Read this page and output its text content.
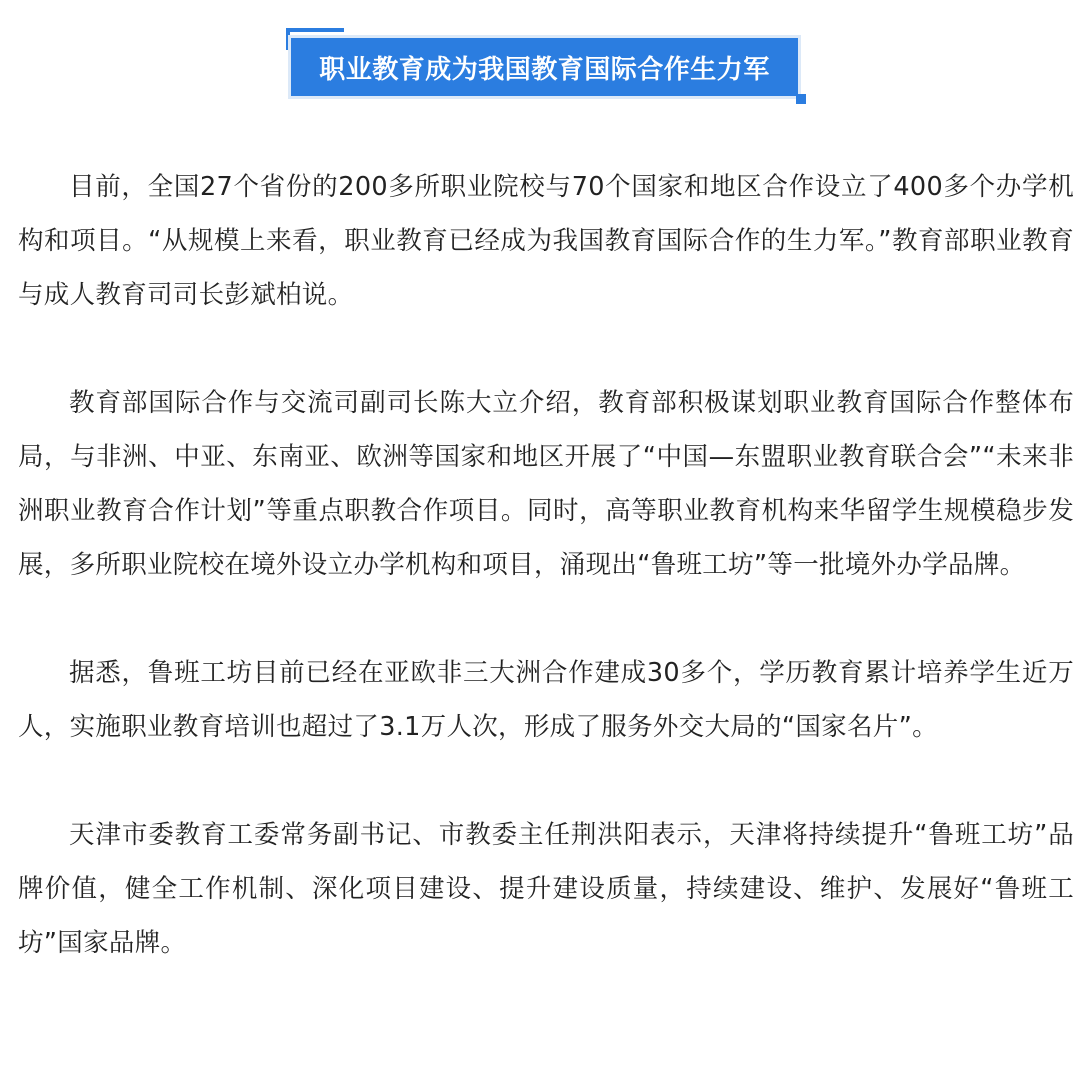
职业教育成为我国教育国际合作生力军

目前，全国27个省份的200多所职业院校与70个国家和地区合作设立了400多个办学机构和项目。“从规模上来看，职业教育已经成为我国教育国际合作的生力军。”教育部职业教育与成人教育司司长彭斌柏说。

教育部国际合作与交流司副司长陈大立介绍，教育部积极谋划职业教育国际合作整体布局，与非洲、中亚、东南亚、欧洲等国家和地区开展了“中国—东盟职业教育联合会”“未来非洲职业教育合作计划”等重点职教合作项目。同时，高等职业教育机构来华留学生规模稳步发展，多所职业院校在境外设立办学机构和项目，涌现出“鲁班工坊”等一批境外办学品牌。

据悉，鲁班工坊目前已经在亚欧非三大洲合作建成30多个，学历教育累计培养学生近万人，实施职业教育培训也超过了3.1万人次，形成了服务外交大局的“国家名片”。

天津市委教育工委常务副书记、市教委主任荆洪阳表示，天津将持续提升“鲁班工坊”品牌价值，健全工作机制、深化项目建设、提升建设质量，持续建设、维护、发展好“鲁班工坊”国家品牌。
